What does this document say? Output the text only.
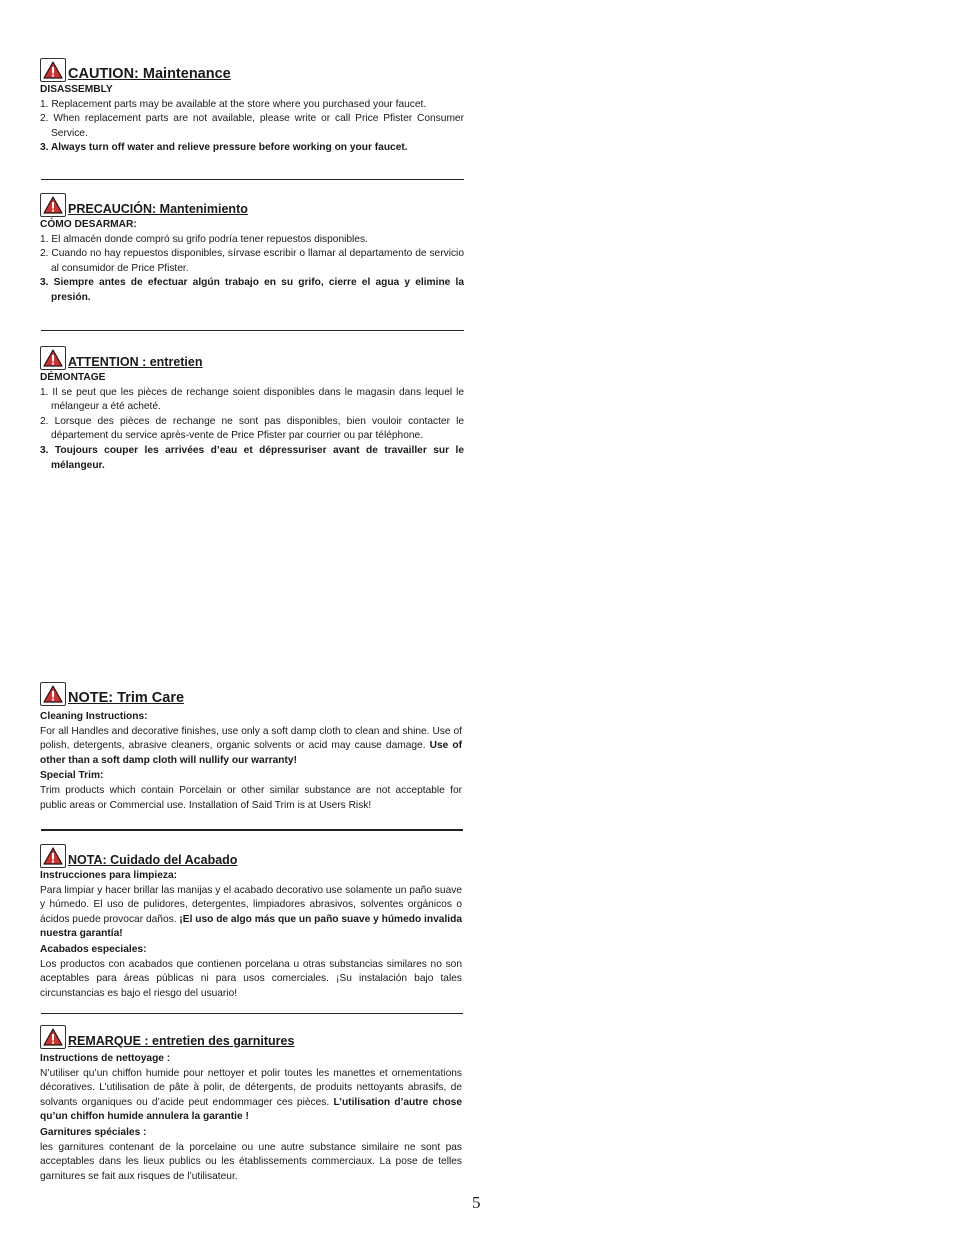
CAUTION: Maintenance
DISASSEMBLY
1. Replacement parts may be available at the store where you purchased your faucet.
2. When replacement parts are not available, please write or call Price Pfister Consumer Service.
3. Always turn off water and relieve pressure before working on your faucet.
PRECAUCIÓN: Mantenimiento
CÓMO DESARMAR:
1. El almacén donde compró su grifo podría tener repuestos disponibles.
2. Cuando no hay repuestos disponibles, sírvase escribir o llamar al departamento de servicio al consumidor de Price Pfister.
3. Siempre antes de efectuar algún trabajo en su grifo, cierre el agua y elimine la presión.
ATTENTION : entretien
DÉMONTAGE
1. Il se peut que les pièces de rechange soient disponibles dans le magasin dans lequel le mélangeur a été acheté.
2. Lorsque des pièces de rechange ne sont pas disponibles, bien vouloir contacter le département du service après-vente de Price Pfister par courrier ou par téléphone.
3. Toujours couper les arrivées d’eau et dépressuriser avant de travailler sur le mélangeur.
NOTE: Trim Care
Cleaning Instructions:
For all Handles and decorative finishes, use only a soft damp cloth to clean and shine. Use of polish, detergents, abrasive cleaners, organic solvents or acid may cause damage. Use of other than a soft damp cloth will nullify our warranty!
Special Trim:
Trim products which contain Porcelain or other similar substance are not acceptable for public areas or Commercial use. Installation of Said Trim is at Users Risk!
NOTA: Cuidado del Acabado
Instrucciones para limpieza:
Para limpiar y hacer brillar las manijas y el acabado decorativo use solamente un paño suave y húmedo. El uso de pulidores, detergentes, limpiadores abrasivos, solventes orgánicos o ácidos puede provocar daños. ¡El uso de algo más que un paño suave y húmedo invalida nuestra garantía!
Acabados especiales:
Los productos con acabados que contienen porcelana u otras substancias similares no son aceptables para áreas públicas ni para usos comerciales. ¡Su instalación bajo tales circunstancias es bajo el riesgo del usuario!
REMARQUE : entretien des garnitures
Instructions de nettoyage :
N’utiliser qu’un chiffon humide pour nettoyer et polir toutes les manettes et ornementations décoratives. L’utilisation de pâte à polir, de détergents, de produits nettoyants abrasifs, de solvants organiques ou d’acide peut endommager ces pièces. L’utilisation d’autre chose qu’un chiffon humide annulera la garantie !
Garnitures spéciales :
les garnitures contenant de la porcelaine ou une autre substance similaire ne sont pas acceptables dans les lieux publics ou les établissements commerciaux. La pose de telles garnitures se fait aux risques de l’utilisateur.
5
